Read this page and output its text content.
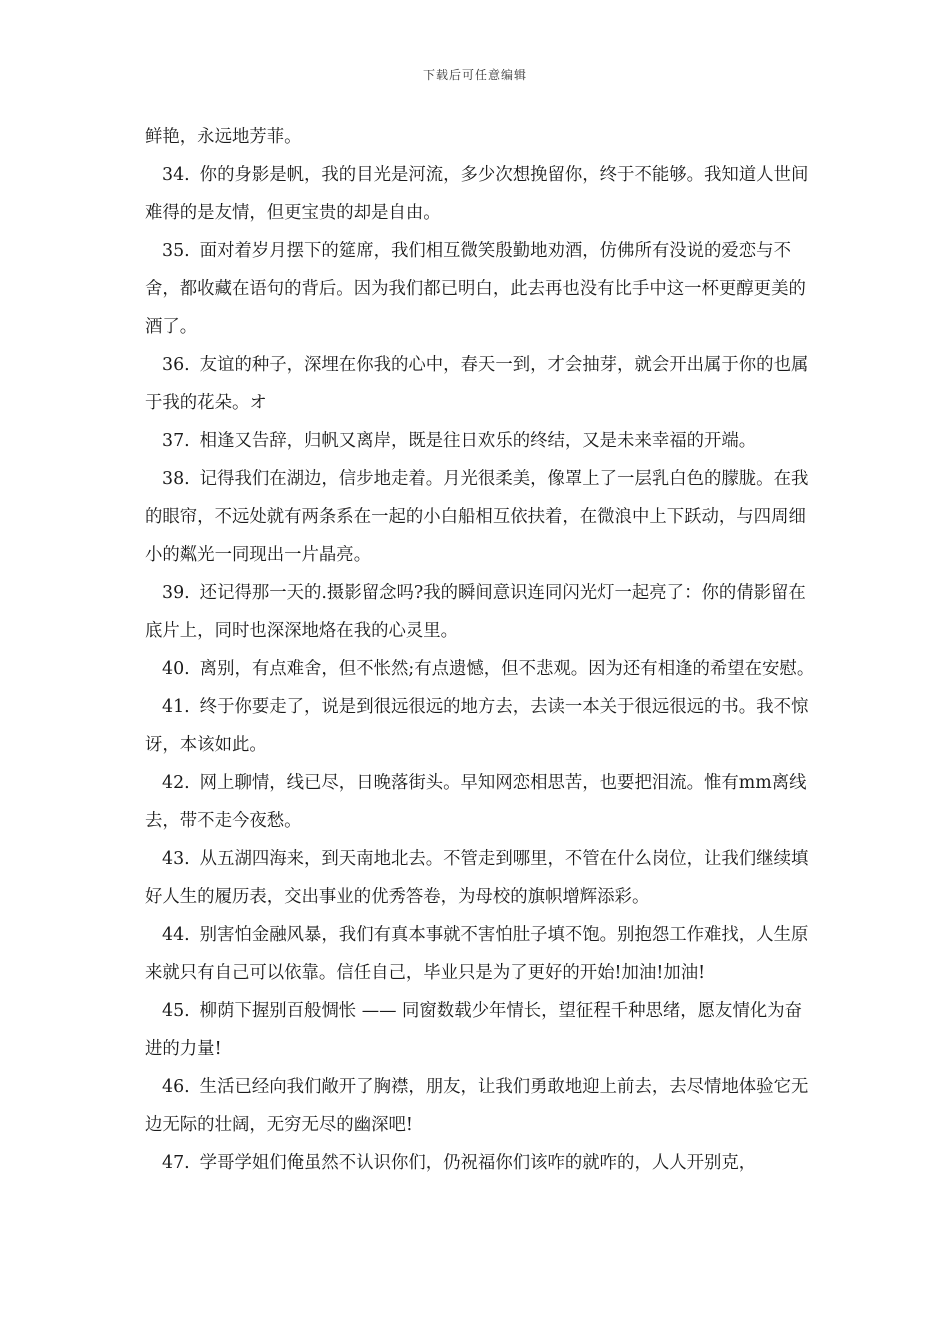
下载后可任意编辑

鲜艳，永远地芳菲。

34. 你的身影是帆，我的目光是河流，多少次想挽留你，终于不能够。我知道人世间难得的是友情，但更宝贵的却是自由。

35. 面对着岁月摆下的筵席，我们相互微笑殷勤地劝酒，仿佛所有没说的爱恋与不舍，都收藏在语句的背后。因为我们都已明白，此去再也没有比手中这一杯更醇更美的酒了。

36. 友谊的种子，深埋在你我的心中，春天一到，才会抽芽，就会开出属于你的也属于我的花朵。オ

37. 相逢又告辞，归帆又离岸，既是往日欢乐的终结，又是未来幸福的开端。

38. 记得我们在湖边，信步地走着。月光很柔美，像罩上了一层乳白色的朦胧。在我的眼帘，不远处就有两条系在一起的小白船相互依扶着，在微浪中上下跃动，与四周细小的粼光一同现出一片晶亮。

39. 还记得那一天的.摄影留念吗?我的瞬间意识连同闪光灯一起亮了：你的倩影留在底片上，同时也深深地烙在我的心灵里。

40. 离别，有点难舍，但不怅然;有点遗憾，但不悲观。因为还有相逢的希望在安慰。

41. 终于你要走了，说是到很远很远的地方去，去读一本关于很远很远的书。我不惊讶，本该如此。

42. 网上聊情，线已尽，日晚落街头。早知网恋相思苦，也要把泪流。惟有mm离线去，带不走今夜愁。

43. 从五湖四海来，到天南地北去。不管走到哪里，不管在什么岗位，让我们继续填好人生的履历表，交出事业的优秀答卷，为母校的旗帜增辉添彩。

44. 别害怕金融风暴，我们有真本事就不害怕肚子填不饱。别抱怨工作难找，人生原来就只有自己可以依靠。信任自己，毕业只是为了更好的开始!加油!加油!

45. 柳荫下握别百般惆怅 —— 同窗数载少年情长，望征程千种思绪，愿友情化为奋进的力量!

46. 生活已经向我们敞开了胸襟，朋友，让我们勇敢地迎上前去，去尽情地体验它无边无际的壮阔，无穷无尽的幽深吧!

47. 学哥学姐们俺虽然不认识你们，仍祝福你们该咋的就咋的，人人开别克，
